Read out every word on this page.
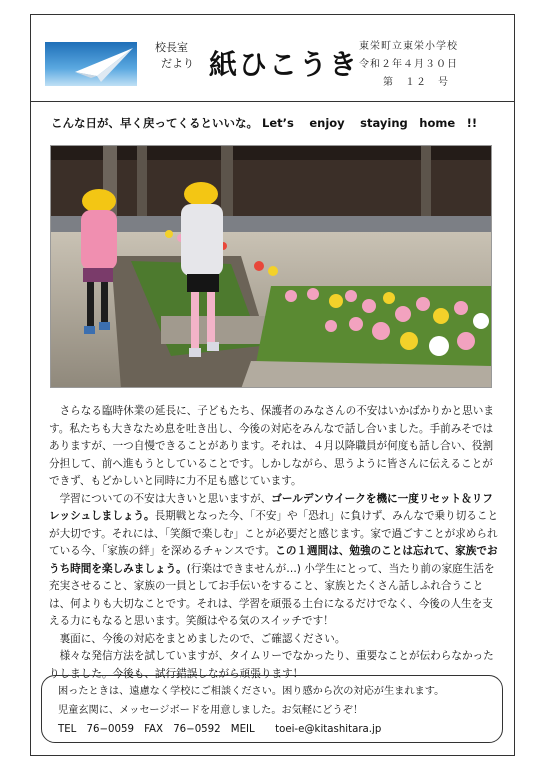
校長室
だより 紙ひこうき
東栄町立東栄小学校
令和２年４月３０日
第　１２　号
こんな日が、早く戻ってくるといいな。 Let’s　 enjoy　 staying　home　!!

さらなる臨時休業の延長に、子どもたち、保護者のみなさんの不安はいかばかりかと思います。私たちも大きなため息を吐き出し、今後の対応をみんなで話し合いました。手前みそではありますが、一つ自慢できることがあります。それは、４月以降職員が何度も話し合い、役割分担して、前へ進もうとしていることです。しかしながら、思うように皆さんに伝えることができず、もどかしいと同時に力不足も感じています。

学習についての不安は大きいと思いますが、ゴールデンウイークを機に一度リセット＆リフレッシュしましょう。長期戦となった今、「不安」や「恐れ」に負けず、みんなで乗り切ることが大切です。それには、「笑顔で楽しむ」ことが必要だと感じます。家で過ごすことが求められている今、「家族の絆」を深めるチャンスです。この１週間は、勉強のことは忘れて、家族でおうち時間を楽しみましょう。(行楽はできませんが…) 小学生にとって、当たり前の家庭生活を充実させること、家族の一員としてお手伝いをすること、家族とたくさん話しふれ合うことは、何よりも大切なことです。それは、学習を頑張る土台になるだけでなく、今後の人生を支える力にもなると思います。笑顔はやる気のスイッチです！

裏面に、今後の対応をまとめましたので、ご確認ください。

様々な発信方法を試していますが、タイムリーでなかったり、重要なことが伝わらなかったりしました。今後も、試行錯誤しながら頑張ります！

困ったときは、遠慮なく学校にご相談ください。困り感から次の対応が生まれます。
児童玄関に、メッセージボードを用意しました。お気軽にどうぞ！
TEL　76−0059　FAX　76−0592　MEIL　　toei-e@kitashitara.jp
